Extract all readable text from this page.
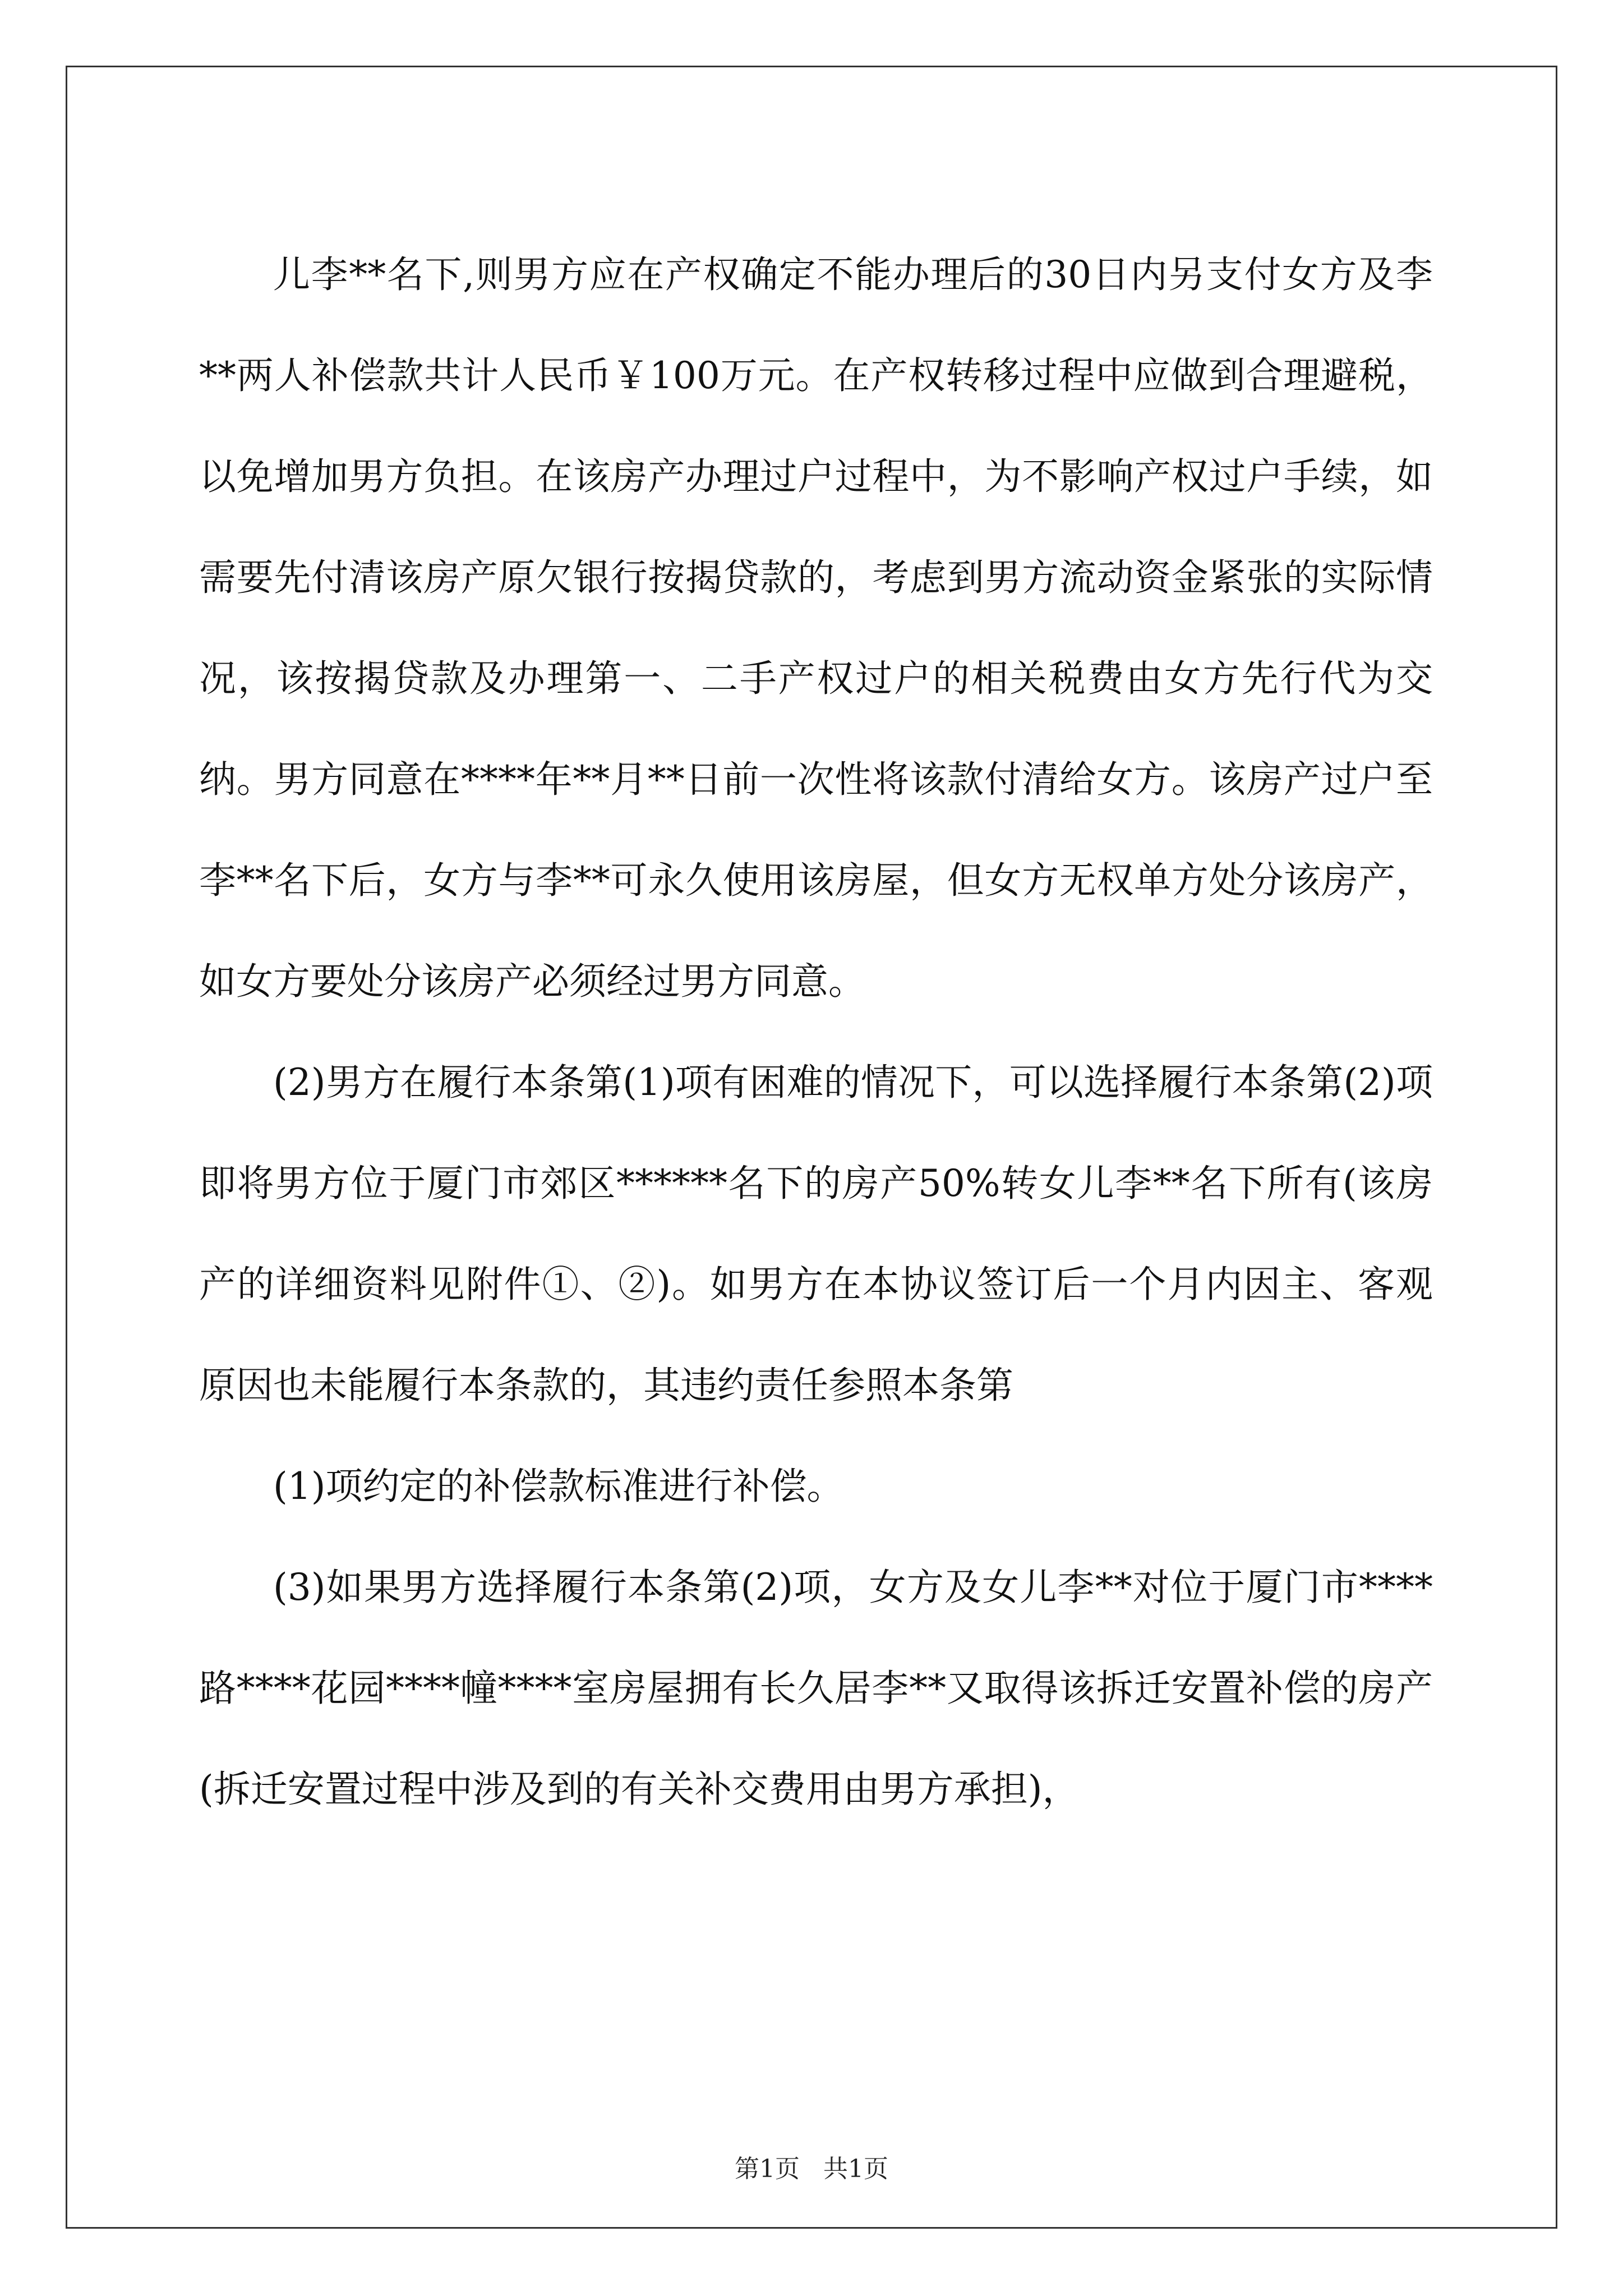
儿李**名下,则男方应在产权确定不能办理后的30日内另支付女方及李**两人补偿款共计人民币￥100万元。在产权转移过程中应做到合理避税，以免增加男方负担。在该房产办理过户过程中，为不影响产权过户手续，如需要先付清该房产原欠银行按揭贷款的，考虑到男方流动资金紧张的实际情况，该按揭贷款及办理第一、二手产权过户的相关税费由女方先行代为交纳。男方同意在****年**月**日前一次性将该款付清给女方。该房产过户至李**名下后，女方与李**可永久使用该房屋，但女方无权单方处分该房产，如女方要处分该房产必须经过男方同意。

(2)男方在履行本条第(1)项有困难的情况下，可以选择履行本条第(2)项即将男方位于厦门市郊区******名下的房产50%转女儿李**名下所有(该房产的详细资料见附件①、②)。如男方在本协议签订后一个月内因主、客观原因也未能履行本条款的，其违约责任参照本条第

(1)项约定的补偿款标准进行补偿。

(3)如果男方选择履行本条第(2)项，女方及女儿李**对位于厦门市****路****花园****幢****室房屋拥有长久居李**又取得该拆迁安置补偿的房产(拆迁安置过程中涉及到的有关补交费用由男方承担)，

第1页   共1页
